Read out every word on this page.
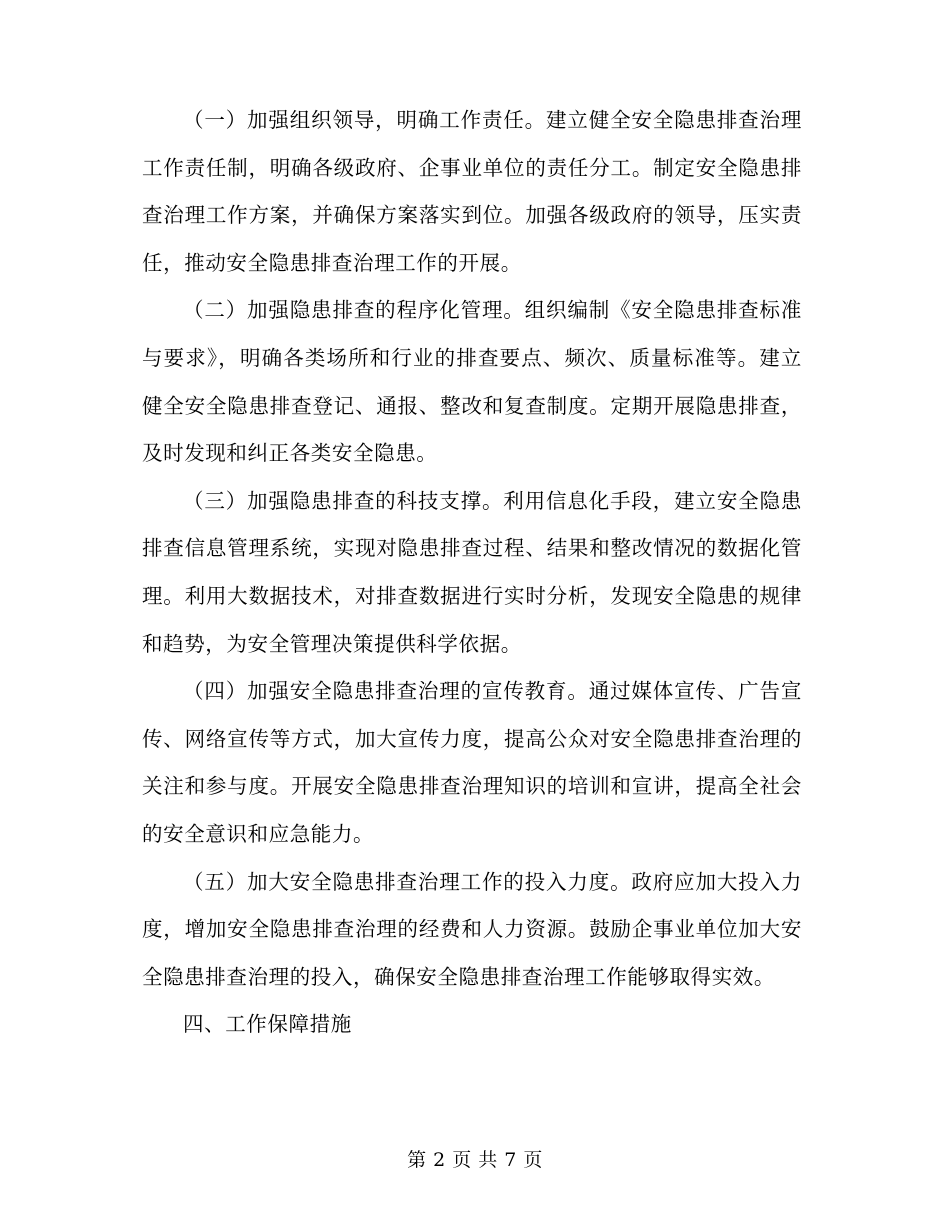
（一）加强组织领导，明确工作责任。建立健全安全隐患排查治理工作责任制，明确各级政府、企事业单位的责任分工。制定安全隐患排查治理工作方案，并确保方案落实到位。加强各级政府的领导，压实责任，推动安全隐患排查治理工作的开展。

（二）加强隐患排查的程序化管理。组织编制《安全隐患排查标准与要求》，明确各类场所和行业的排查要点、频次、质量标准等。建立健全安全隐患排查登记、通报、整改和复查制度。定期开展隐患排查，及时发现和纠正各类安全隐患。

（三）加强隐患排查的科技支撑。利用信息化手段，建立安全隐患排查信息管理系统，实现对隐患排查过程、结果和整改情况的数据化管理。利用大数据技术，对排查数据进行实时分析，发现安全隐患的规律和趋势，为安全管理决策提供科学依据。

（四）加强安全隐患排查治理的宣传教育。通过媒体宣传、广告宣传、网络宣传等方式，加大宣传力度，提高公众对安全隐患排查治理的关注和参与度。开展安全隐患排查治理知识的培训和宣讲，提高全社会的安全意识和应急能力。

（五）加大安全隐患排查治理工作的投入力度。政府应加大投入力度，增加安全隐患排查治理的经费和人力资源。鼓励企事业单位加大安全隐患排查治理的投入，确保安全隐患排查治理工作能够取得实效。

四、工作保障措施

第 2 页 共 7 页
